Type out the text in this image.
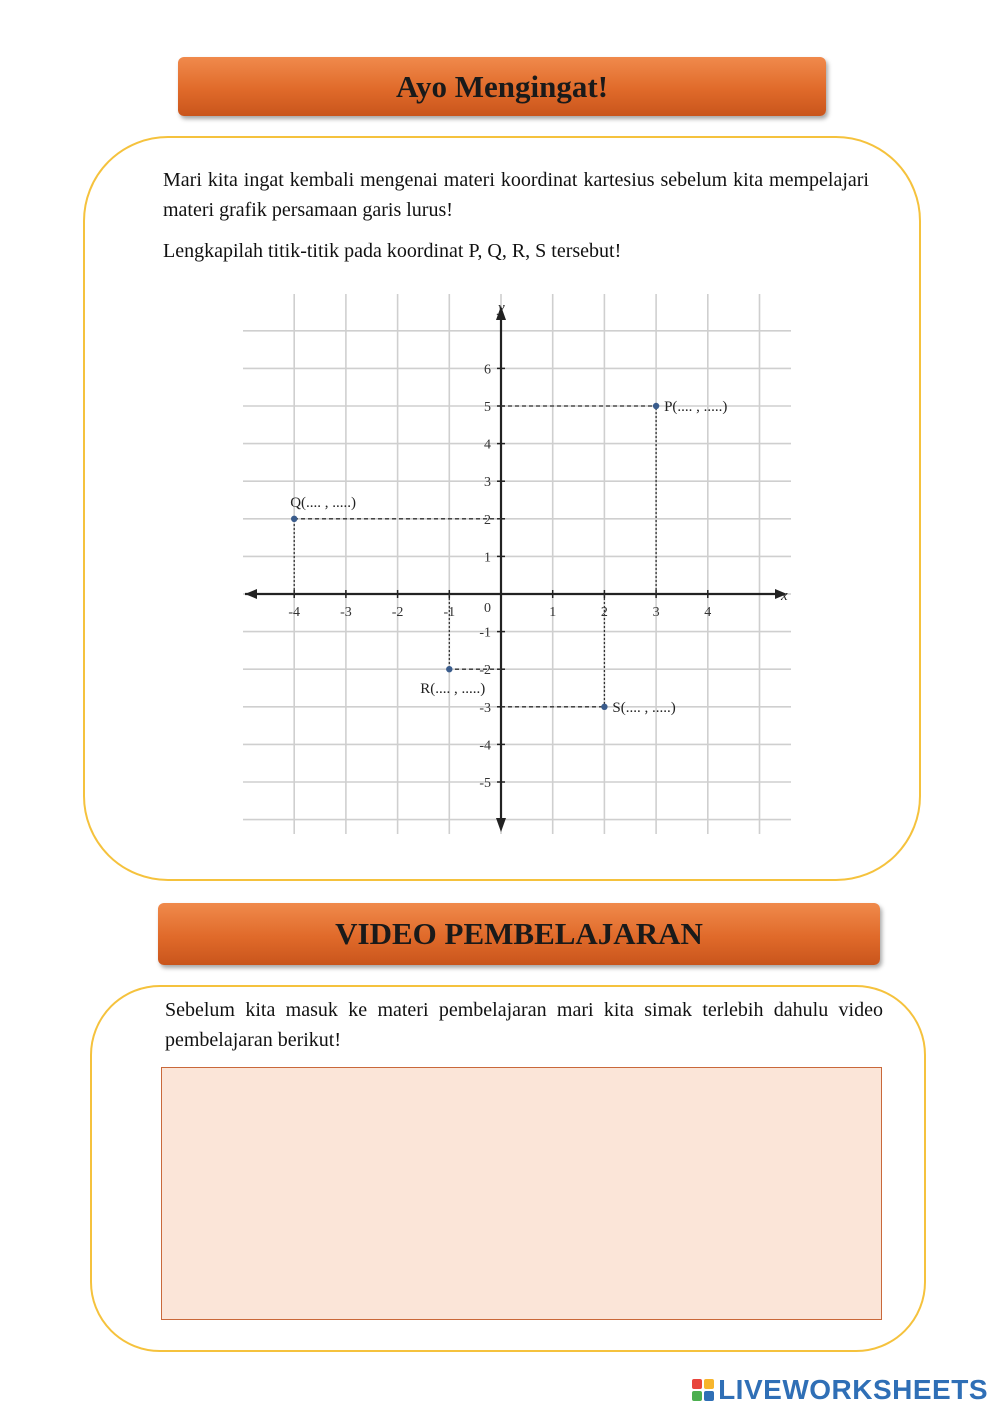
Ayo Mengingat!

Mari kita ingat kembali mengenai materi koordinat kartesius sebelum kita mempelajari materi grafik persamaan garis lurus!

Lengkapilah titik-titik pada koordinat P, Q, R, S tersebut!

x
y
-4	-3	-2	-1	1	2	3	4
-5
-4
-3
-2
-1
1
2
3
4
5
6
0
P(.... , .....)
Q(.... , .....)
R(.... , .....)
S(.... , .....)
VIDEO PEMBELAJARAN

Sebelum kita masuk ke materi pembelajaran mari kita simak terlebih dahulu video pembelajaran berikut!

LIVEWORKSHEETS
